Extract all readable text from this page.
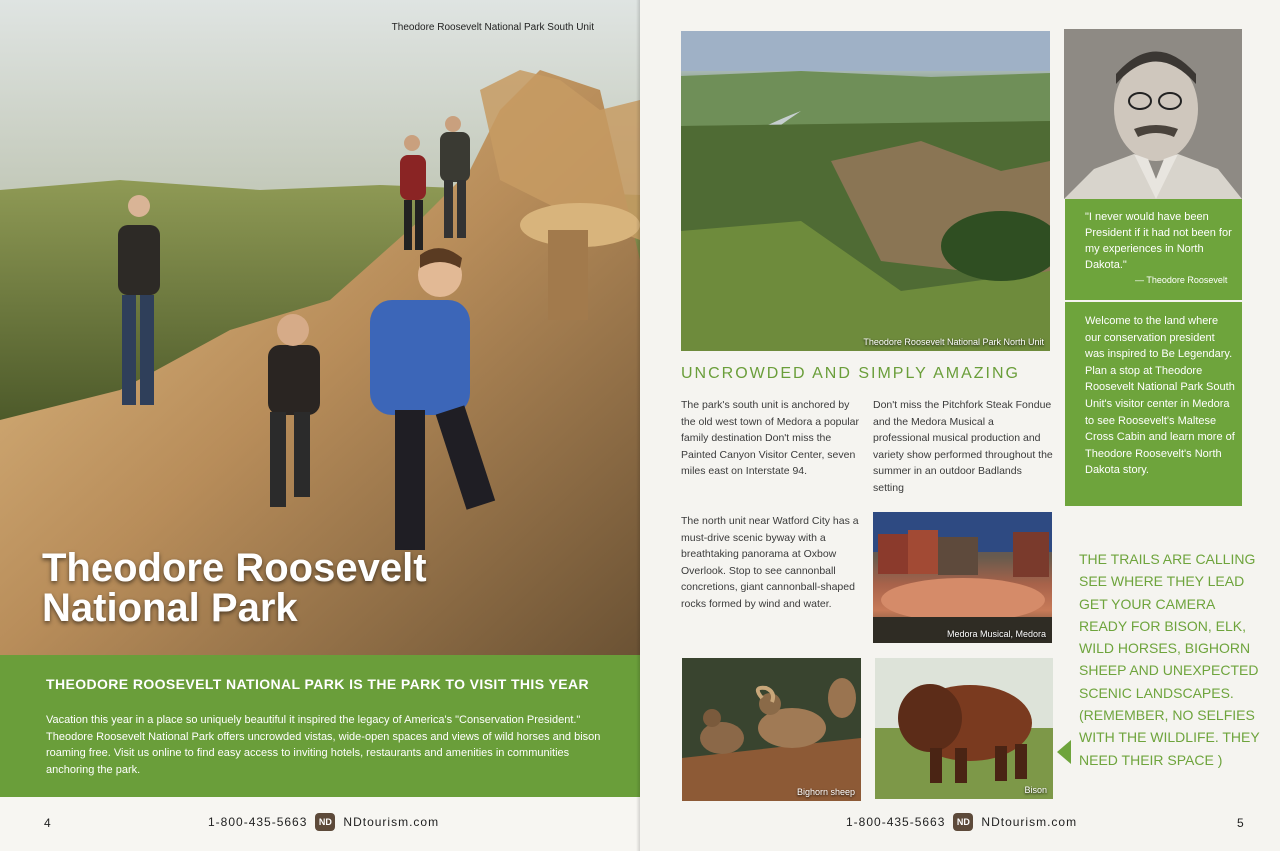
Theodore Roosevelt National Park South Unit
Theodore Roosevelt
National Park
THEODORE ROOSEVELT NATIONAL PARK IS THE PARK TO VISIT THIS YEAR
Vacation this year in a place so uniquely beautiful it inspired the legacy of America's "Conservation President." Theodore Roosevelt National Park offers uncrowded vistas, wide-open spaces and views of wild horses and bison roaming free. Visit us online to find easy access to inviting hotels, restaurants and amenities in communities anchoring the park.
4	1-800-435-5663	ND NDtourism.com
Theodore Roosevelt National Park North Unit
"I never would have been President if it had not been for my experiences in North Dakota."
— Theodore Roosevelt
Welcome to the land where our conservation president was inspired to Be Legendary. Plan a stop at Theodore Roosevelt National Park South Unit's visitor center in Medora to see Roosevelt's Maltese Cross Cabin and learn more of Theodore Roosevelt's North Dakota story.
UNCROWDED AND SIMPLY AMAZING
The park's south unit is anchored by the old west town of Medora a popular family destination Don't miss the Painted Canyon Visitor Center, seven miles east on Interstate 94.
Don't miss the Pitchfork Steak Fondue and the Medora Musical a professional musical production and variety show performed throughout the summer in an outdoor Badlands setting
The north unit near Watford City has a must-drive scenic byway with a breathtaking panorama at Oxbow Overlook. Stop to see cannonball concretions, giant cannonball-shaped rocks formed by wind and water.
Medora Musical, Medora
Bighorn sheep	Bison
THE TRAILS ARE CALLING
SEE WHERE THEY LEAD
GET YOUR CAMERA
READY FOR BISON, ELK,
WILD HORSES, BIGHORN
SHEEP AND UNEXPECTED
SCENIC LANDSCAPES.
(REMEMBER, NO SELFIES
WITH THE WILDLIFE. THEY
NEED THEIR SPACE )
1-800-435-5663	ND NDtourism.com	5
